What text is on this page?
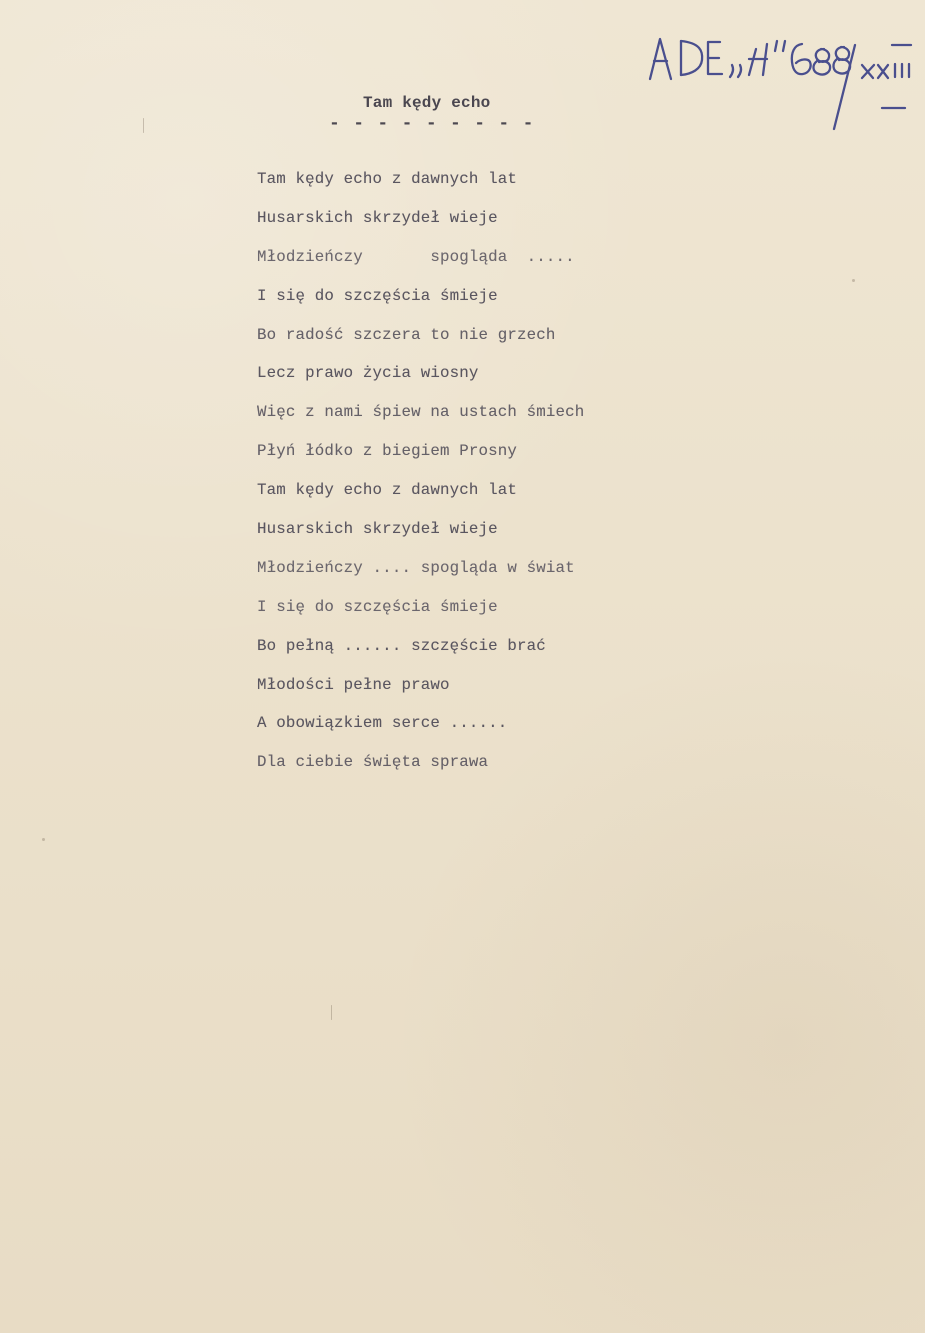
Tam kędy echo
- - - - - - - - -
Tam kędy echo z dawnych lat
Husarskich skrzydeł wieje
Młodzieńczy       spogląda  .....
I się do szczęścia śmieje
Bo radość szczera to nie grzech
Lecz prawo życia wiosny
Więc z nami śpiew na ustach śmiech
Płyń łódko z biegiem Prosny
Tam kędy echo z dawnych lat
Husarskich skrzydeł wieje
Młodzieńczy .... spogląda w świat
I się do szczęścia śmieje
Bo pełną ...... szczęście brać
Młodości pełne prawo
A obowiązkiem serce ......
Dla ciebie święta sprawa
